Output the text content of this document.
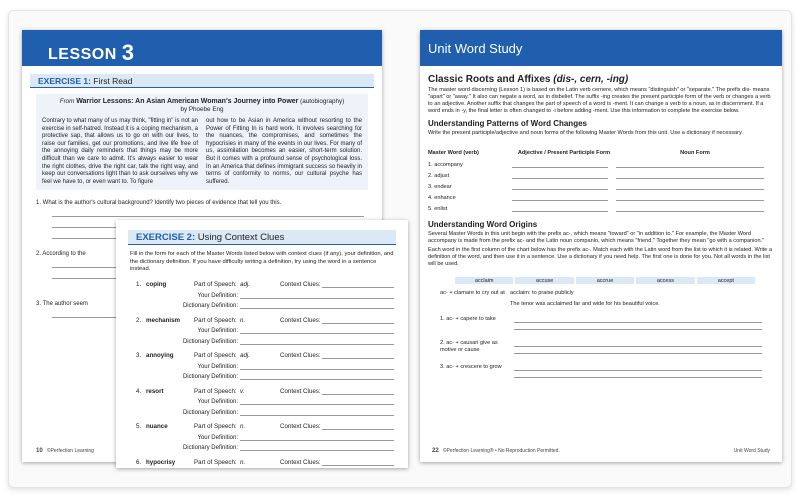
LESSON 3
EXERCISE 1: First Read
From Warrior Lessons: An Asian American Woman's Journey into Power (autobiography)
by Phoebe Eng
Contrary to what many of us may think, "fitting in" is not an exercise in self-hatred. Instead it is a coping mechanism, a protective sap, that allows us to go on with our lives, to raise our families, get our promotions, and live life free of the annoying daily reminders that things may be more difficult than we care to admit. It's always easier to wear the right clothes, drive the right car, talk the right way, and keep our conversations light than to ask ourselves why we feel we have to, or even want to. To figure
out how to be Asian in America without resorting to the Power of Fitting In is hard work. It involves searching for the nuances, the compromises, and sometimes the hypocrisies in many of the events in our lives. For many of us, assimilation becomes an easier, short-term solution. But it comes with a profound sense of psychological loss. In an America that defines immigrant success so heavily in terms of conformity to norms, our cultural psyche has suffered.
1. What is the author's cultural background? Identify two pieces of evidence that tell you this.
2. According to the
3. The author seem
10 ©Perfection Learning
Unit Word Study
Classic Roots and Affixes (dis-, cern, -ing)

The master word discerning (Lesson 1) is based on the Latin verb cernere, which means "distinguish" or "separate." The prefix dis- means "apart" or "away." It also can negate a word, as in disbelief. The suffix -ing creates the present participle form of the verb or changes a verb to an adjective. Another suffix that changes the part of speech of a word is -ment. It can change a verb to a noun, as in discernment. If a word ends in -y, the final letter is often changed to -i before adding -ment. Use this information to complete the exercise below.

Understanding Patterns of Word Changes

Write the present participle/adjective and noun forms of the following Master Words from this unit. Use a dictionary if necessary.

Master Word (verb)	Adjective / Present Participle Form	Noun Form
1. accompany
2. adjust
3. endear
4. enhance
5. enlist
Understanding Word Origins

Several Master Words in this unit begin with the prefix ac-, which means "toward" or "in addition to." For example, the Master Word accompany is made from the prefix ac- and the Latin noun companio, which means "friend." Together they mean "go with a companion."

Each word in the first column of the chart below has the prefix ac-. Match each with the Latin word from the list to which it is related. Write a definition of the word, and then use it in a sentence. Use a dictionary if you need help. The first one is done for you. Not all words in the list will be used.

acclaim	accuse	accrue	access	accept
ac- + clamare to cry out at acclaim: to praise publicly
The tenor was acclaimed far and wide for his beautiful voice.
1. ac- + capere to take
2. ac- + causari give as motive or cause
3. ac- + crescere to grow
22 ©Perfection Learning® • No Reproduction Permitted.	Unit Word Study
EXERCISE 2: Using Context Clues
Fill in the form for each of the Master Words listed below with context clues (if any), your definition, and the dictionary definition. If you have difficulty writing a definition, try using the word in a sentence instead.
1. coping	Part of Speech: adj.	Context Clues:
Your Definition:
Dictionary Definition:
2. mechanism	Part of Speech: n.	Context Clues:
Your Definition:
Dictionary Definition:
3. annoying	Part of Speech: adj.	Context Clues:
Your Definition:
Dictionary Definition:
4. resort	Part of Speech: v.	Context Clues:
Your Definition:
Dictionary Definition:
5. nuance	Part of Speech: n.	Context Clues:
Your Definition:
Dictionary Definition:
6. hypocrisy	Part of Speech: n.	Context Clues:
